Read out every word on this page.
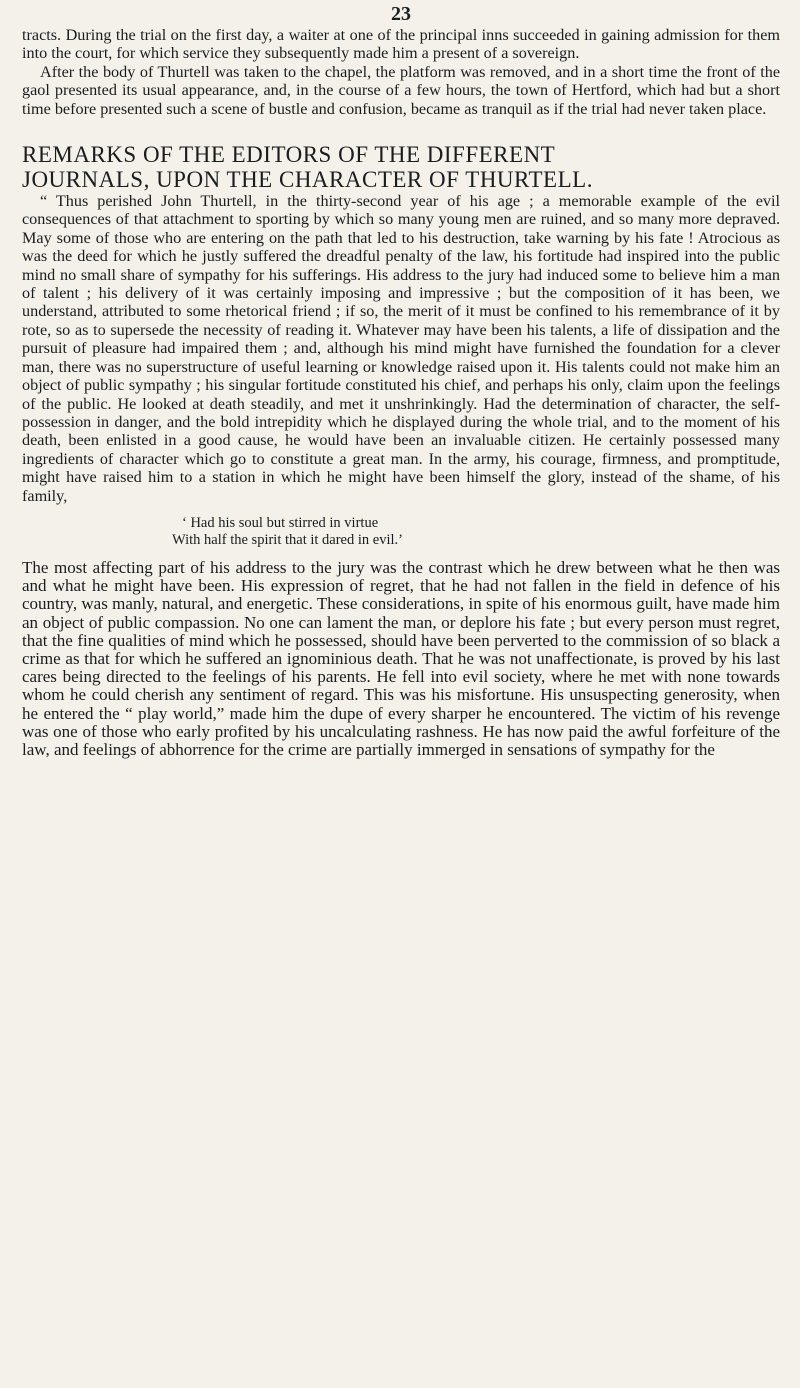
23

tracts. During the trial on the first day, a waiter at one of the principal inns succeeded in gaining admission for them into the court, for which service they subsequently made him a present of a sovereign.

After the body of Thurtell was taken to the chapel, the platform was removed, and in a short time the front of the gaol presented its usual appearance, and, in the course of a few hours, the town of Hertford, which had but a short time before presented such a scene of bustle and confusion, became as tranquil as if the trial had never taken place.

REMARKS OF THE EDITORS OF THE DIFFERENT
JOURNALS, UPON THE CHARACTER OF THURTELL.

“ Thus perished John Thurtell, in the thirty-second year of his age ; a memorable example of the evil consequences of that attachment to sporting by which so many young men are ruined, and so many more depraved. May some of those who are entering on the path that led to his destruction, take warning by his fate ! Atrocious as was the deed for which he justly suffered the dreadful penalty of the law, his fortitude had inspired into the public mind no small share of sympathy for his sufferings. His address to the jury had induced some to believe him a man of talent ; his delivery of it was certainly imposing and impressive ; but the composition of it has been, we understand, attributed to some rhetorical friend ; if so, the merit of it must be confined to his remembrance of it by rote, so as to supersede the necessity of reading it. Whatever may have been his talents, a life of dissipation and the pursuit of pleasure had impaired them ; and, although his mind might have furnished the foundation for a clever man, there was no superstructure of useful learning or knowledge raised upon it. His talents could not make him an object of public sympathy ; his singular fortitude constituted his chief, and perhaps his only, claim upon the feelings of the public. He looked at death steadily, and met it unshrinkingly. Had the determination of character, the self-possession in danger, and the bold intrepidity which he displayed during the whole trial, and to the moment of his death, been enlisted in a good cause, he would have been an invaluable citizen. He certainly possessed many ingredients of character which go to constitute a great man. In the army, his courage, firmness, and promptitude, might have raised him to a station in which he might have been himself the glory, instead of the shame, of his family,

‘ Had his soul but stirred in virtue
With half the spirit that it dared in evil.’

The most affecting part of his address to the jury was the contrast which he drew between what he then was and what he might have been. His expression of regret, that he had not fallen in the field in defence of his country, was manly, natural, and energetic. These considerations, in spite of his enormous guilt, have made him an object of public compassion. No one can lament the man, or deplore his fate ; but every person must regret, that the fine qualities of mind which he possessed, should have been perverted to the commission of so black a crime as that for which he suffered an ignominious death. That he was not unaffectionate, is proved by his last cares being directed to the feelings of his parents. He fell into evil society, where he met with none towards whom he could cherish any sentiment of regard. This was his misfortune. His unsuspecting generosity, when he entered the “ play world,” made him the dupe of every sharper he encountered. The victim of his revenge was one of those who early profited by his uncalculating rashness. He has now paid the awful forfeiture of the law, and feelings of abhorrence for the crime are partially immerged in sensations of sympathy for the
